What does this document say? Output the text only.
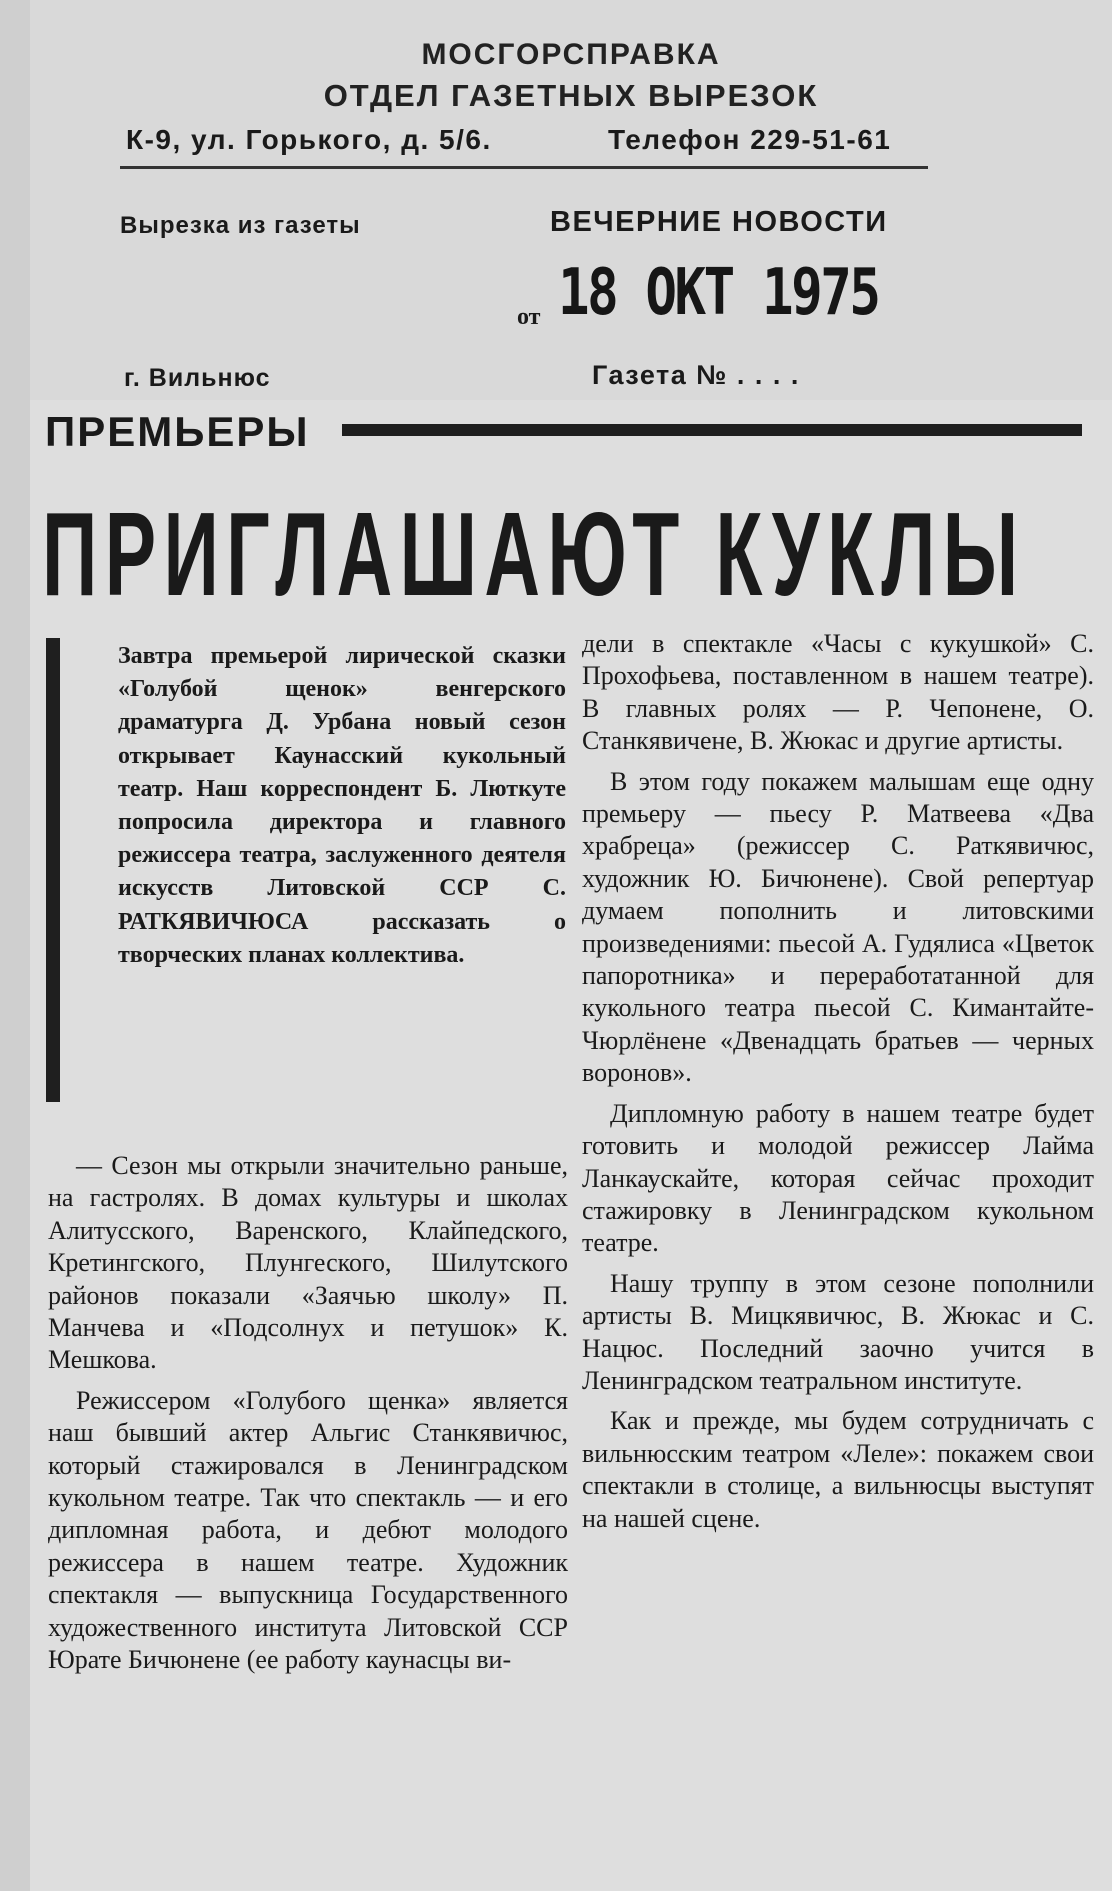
МОСГОРСПРАВКА
ОТДЕЛ ГАЗЕТНЫХ ВЫРЕЗОК
К-9, ул. Горького, д. 5/6.	Телефон 229-51-61
Вырезка из газеты	ВЕЧЕРНИЕ НОВОСТИ
от 18 ОКТ 1975
г. Вильнюс	Газета № . . . .
ПРЕМЬЕРЫ
ПРИГЛАШАЮТ КУКЛЫ

Завтра премьерой лирической сказки «Голубой щенок» венгерского драматурга Д. Урбана новый сезон открывает Каунасский кукольный театр. Наш корреспондент Б. Люткуте попросила директора и главного режиссера театра, заслуженного деятеля искусств Литовской ССР С. РАТКЯВИЧЮСА рассказать о творческих планах коллектива.

— Сезон мы открыли значительно раньше, на гастролях. В домах культуры и школах Алитусского, Варенского, Клайпедского, Кретингского, Плунгеского, Шилутского районов показали «Заячью школу» П. Манчева и «Подсолнух и петушок» К. Мешкова.

Режиссером «Голубого щенка» является наш бывший актер Альгис Станкявичюс, который стажировался в Ленинградском кукольном театре. Так что спектакль — и его дипломная работа, и дебют молодого режиссера в нашем театре. Художник спектакля — выпускница Государственного художественного института Литовской ССР Юрате Бичюнене (ее работу каунасцы ви-

дели в спектакле «Часы с кукушкой» С. Прохофьева, поставленном в нашем театре). В главных ролях — Р. Чепонене, О. Станкявичене, В. Жюкас и другие артисты.

В этом году покажем малышам еще одну премьеру — пьесу Р. Матвеева «Два храбреца» (режиссер С. Раткявичюс, художник Ю. Бичюнене). Свой репертуар думаем пополнить и литовскими произведениями: пьесой А. Гудялиса «Цветок папоротника» и переработатанной для кукольного театра пьесой С. Кимантайте-Чюрлёнене «Двенадцать братьев — черных воронов».

Дипломную работу в нашем театре будет готовить и молодой режиссер Лайма Ланкаускайте, которая сейчас проходит стажировку в Ленинградском кукольном театре.

Нашу труппу в этом сезоне пополнили артисты В. Мицкявичюс, В. Жюкас и С. Нацюс. Последний заочно учится в Ленинградском театральном институте.

Как и прежде, мы будем сотрудничать с вильнюсским театром «Леле»: покажем свои спектакли в столице, а вильнюсцы выступят на нашей сцене.
